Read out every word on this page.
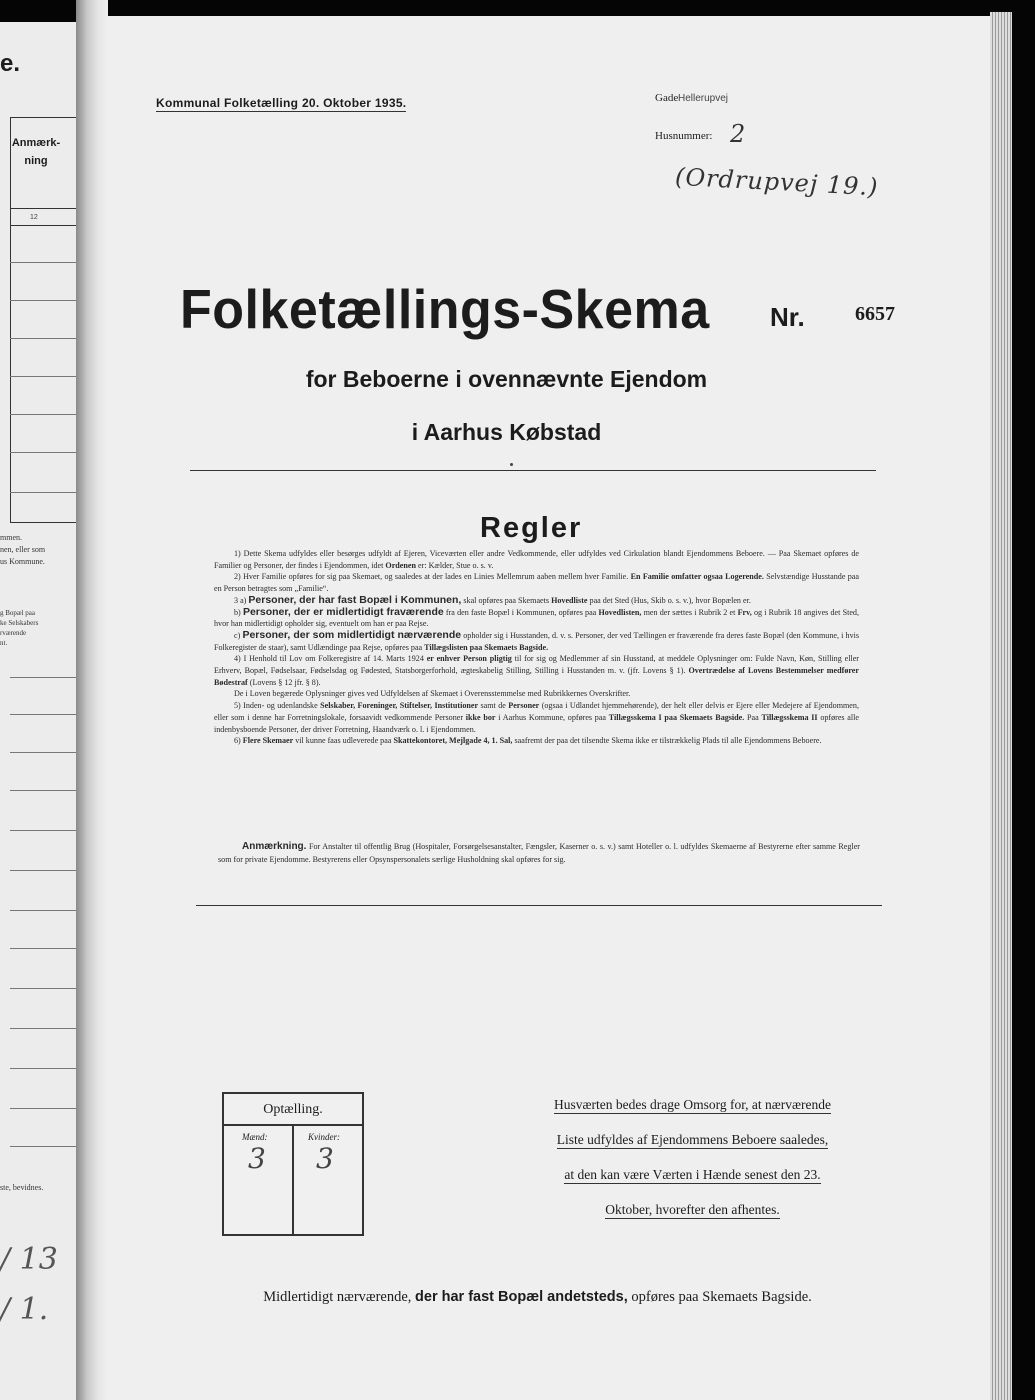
e.
Anmærk-
ning
12
mmen.
nen, eller som
us Kommune.
g Bopæl paa
ke Selskabers
rværende
nt.
ste, bevidnes.
/ 13
/ 1.
Kommunal Folketælling 20. Oktober 1935.	Gade Hellerupvej
Husnummer: 2
(Ordrupvej 19.)
Folketællings-Skema Nr.	6657
for Beboerne i ovennævnte Ejendom
i Aarhus Købstad
Regler

1) Dette Skema udfyldes eller besørges udfyldt af Ejeren, Viceværten eller andre Vedkommende, eller udfyldes ved Cirkulation blandt Ejendommens Beboere. — Paa Skemaet opføres de Familier og Personer, der findes i Ejendommen, idet Ordenen er: Kælder, Stue o. s. v.

2) Hver Familie opføres for sig paa Skemaet, og saaledes at der lades en Linies Mellemrum aaben mellem hver Familie. En Familie omfatter ogsaa Logerende. Selvstændige Husstande paa en Person betragtes som „Familie“.

3 a) Personer, der har fast Bopæl i Kommunen, skal opføres paa Skemaets Hovedliste paa det Sted (Hus, Skib o. s. v.), hvor Bopælen er.

b) Personer, der er midlertidigt fraværende fra den faste Bopæl i Kommunen, opføres paa Hovedlisten, men der sættes i Rubrik 2 et Frv, og i Rubrik 18 angives det Sted, hvor han midlertidigt opholder sig, eventuelt om han er paa Rejse.

c) Personer, der som midlertidigt nærværende opholder sig i Husstanden, d. v. s. Personer, der ved Tællingen er fraværende fra deres faste Bopæl (den Kommune, i hvis Folkeregister de staar), samt Udlændinge paa Rejse, opføres paa Tillægslisten paa Skemaets Bagside.

4) I Henhold til Lov om Folkeregistre af 14. Marts 1924 er enhver Person pligtig til for sig og Medlemmer af sin Husstand, at meddele Oplysninger om: Fulde Navn, Køn, Stilling eller Erhverv, Bopæl, Fødselsaar, Fødselsdag og Fødested, Statsborgerforhold, ægteskabelig Stilling, Stilling i Husstanden m. v. (jfr. Lovens § 1). Overtrædelse af Lovens Bestemmelser medfører Bødestraf (Lovens § 12 jfr. § 8).

De i Loven begærede Oplysninger gives ved Udfyldelsen af Skemaet i Overensstemmelse med Rubrikkernes Overskrifter.

5) Inden- og udenlandske Selskaber, Foreninger, Stiftelser, Institutioner samt de Personer (ogsaa i Udlandet hjemmehørende), der helt eller delvis er Ejere eller Medejere af Ejendommen, eller som i denne har Forretningslokale, forsaavidt vedkommende Personer ikke bor i Aarhus Kommune, opføres paa Tillægsskema I paa Skemaets Bagside. Paa Tillægsskema II opføres alle indenbysboende Personer, der driver Forretning, Haandværk o. l. i Ejendommen.

6) Flere Skemaer vil kunne faas udleverede paa Skattekontoret, Mejlgade 4, 1. Sal, saafremt der paa det tilsendte Skema ikke er tilstrækkelig Plads til alle Ejendommens Beboere.

Anmærkning. For Anstalter til offentlig Brug (Hospitaler, Forsørgelsesanstalter, Fængsler, Kaserner o. s. v.) samt Hoteller o. l. udfyldes Skemaerne af Bestyrerne efter samme Regler som for private Ejendomme. Bestyrerens eller Opsynspersonalets særlige Husholdning skal opføres for sig.

Optælling.
Mænd:	Kvinder:
3 3
Husværten bedes drage Omsorg for, at nærværende
Liste udfyldes af Ejendommens Beboere saaledes,
at den kan være Værten i Hænde senest den 23.
Oktober, hvorefter den afhentes.
Midlertidigt nærværende, der har fast Bopæl andetsteds, opføres paa Skemaets Bagside.
